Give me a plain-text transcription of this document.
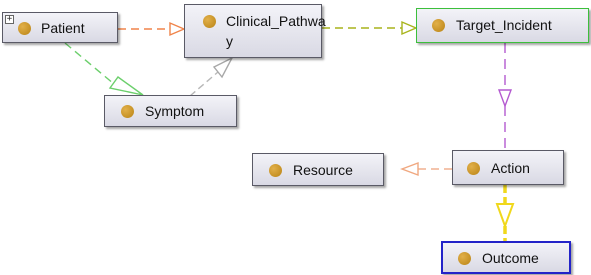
+
Patient	Clinical_Pathwa
y
Target_Incident
Symptom
Resource	Action
Outcome
